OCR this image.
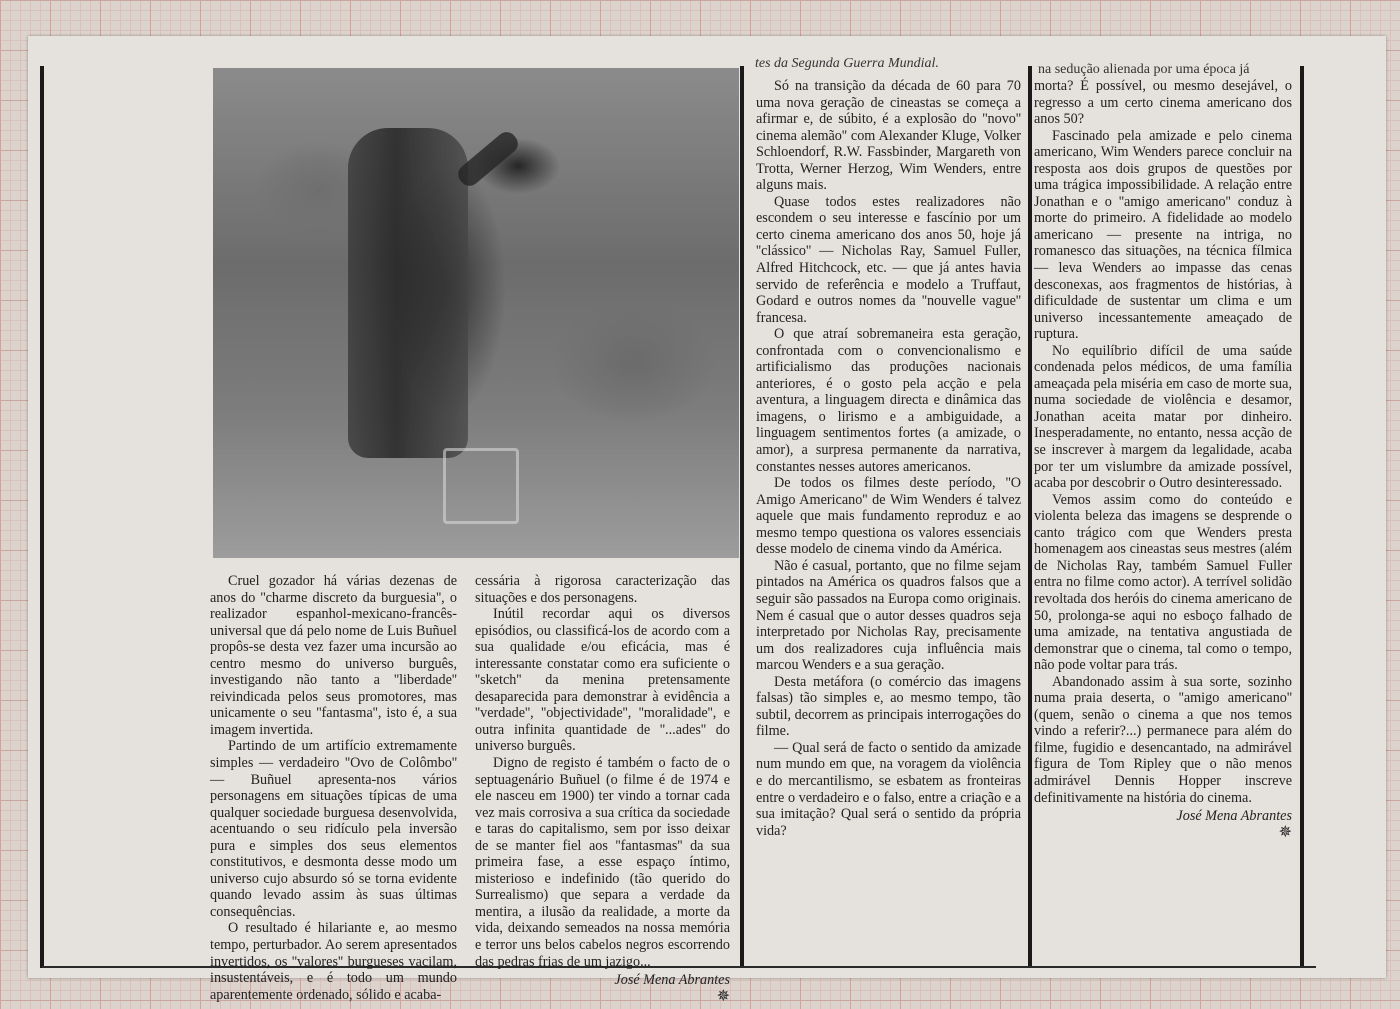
tes da Segunda Guerra Mundial.	na sedução alienada por uma época já

Cruel gozador há várias dezenas de anos do ''charme discreto da burguesia'', o realizador espanhol-mexicano-francês-universal que dá pelo nome de Luis Buñuel propôs-se desta vez fazer uma incursão ao centro mesmo do universo burguês, investigando não tanto a ''liberdade'' reivindicada pelos seus promotores, mas unicamente o seu ''fantasma'', isto é, a sua imagem invertida.

Partindo de um artifício extremamente simples — verdadeiro ''Ovo de Colômbo'' — Buñuel apresenta-nos vários personagens em situações típicas de uma qualquer sociedade burguesa desenvolvida, acentuando o seu ridículo pela inversão pura e simples dos seus elementos constitutivos, e desmonta desse modo um universo cujo absurdo só se torna evidente quando levado assim às suas últimas consequências.

O resultado é hilariante e, ao mesmo tempo, perturbador. Ao serem apresentados invertidos, os ''valores'' burgueses vacilam, insustentáveis, e é todo um mundo aparentemente ordenado, sólido e acaba-

cessária à rigorosa caracterização das situações e dos personagens.

Inútil recordar aqui os diversos episódios, ou classificá-los de acordo com a sua qualidade e/ou eficácia, mas é interessante constatar como era suficiente o ''sketch'' da menina pretensamente desaparecida para demonstrar à evidência a ''verdade'', ''objectividade'', ''moralidade'', e outra infinita quantidade de ''...ades'' do universo burguês.

Digno de registo é também o facto de o septuagenário Buñuel (o filme é de 1974 e ele nasceu em 1900) ter vindo a tornar cada vez mais corrosiva a sua crítica da sociedade e taras do capitalismo, sem por isso deixar de se manter fiel aos ''fantasmas'' da sua primeira fase, a esse espaço íntimo, misterioso e indefinido (tão querido do Surrealismo) que separa a verdade da mentira, a ilusão da realidade, a morte da vida, deixando semeados na nossa memória e terror uns belos cabelos negros escorrendo das pedras frias de um jazigo...

José Mena Abrantes

✵

Só na transição da década de 60 para 70 uma nova geração de cineastas se começa a afirmar e, de súbito, é a explosão do ''novo'' cinema alemão'' com Alexander Kluge, Volker Schloendorf, R.W. Fassbinder, Margareth von Trotta, Werner Herzog, Wim Wenders, entre alguns mais.

Quase todos estes realizadores não escondem o seu interesse e fascínio por um certo cinema americano dos anos 50, hoje já ''clássico'' — Nicholas Ray, Samuel Fuller, Alfred Hitchcock, etc. — que já antes havia servido de referência e modelo a Truffaut, Godard e outros nomes da ''nouvelle vague'' francesa.

O que atraí sobremaneira esta geração, confrontada com o convencionalismo e artificialismo das produções nacionais anteriores, é o gosto pela acção e pela aventura, a linguagem directa e dinâmica das imagens, o lirismo e a ambiguidade, a linguagem sentimentos fortes (a amizade, o amor), a surpresa permanente da narrativa, constantes nesses autores americanos.

De todos os filmes deste período, ''O Amigo Americano'' de Wim Wenders é talvez aquele que mais fundamento reproduz e ao mesmo tempo questiona os valores essenciais desse modelo de cinema vindo da América.

Não é casual, portanto, que no filme sejam pintados na América os quadros falsos que a seguir são passados na Europa como originais. Nem é casual que o autor desses quadros seja interpretado por Nicholas Ray, precisamente um dos realizadores cuja influência mais marcou Wenders e a sua geração.

Desta metáfora (o comércio das imagens falsas) tão simples e, ao mesmo tempo, tão subtil, decorrem as principais interrogações do filme.

— Qual será de facto o sentido da amizade num mundo em que, na voragem da violência e do mercantilismo, se esbatem as fronteiras entre o verdadeiro e o falso, entre a criação e a sua imitação? Qual será o sentido da própria vida?

morta? É possível, ou mesmo desejável, o regresso a um certo cinema americano dos anos 50?

Fascinado pela amizade e pelo cinema americano, Wim Wenders parece concluir na resposta aos dois grupos de questões por uma trágica impossibilidade. A relação entre Jonathan e o ''amigo americano'' conduz à morte do primeiro. A fidelidade ao modelo americano — presente na intriga, no romanesco das situações, na técnica fílmica — leva Wenders ao impasse das cenas desconexas, aos fragmentos de histórias, à dificuldade de sustentar um clima e um universo incessantemente ameaçado de ruptura.

No equilíbrio difícil de uma saúde condenada pelos médicos, de uma família ameaçada pela miséria em caso de morte sua, numa sociedade de violência e desamor, Jonathan aceita matar por dinheiro. Inesperadamente, no entanto, nessa acção de se inscrever à margem da legalidade, acaba por ter um vislumbre da amizade possível, acaba por descobrir o Outro desinteressado.

Vemos assim como do conteúdo e violenta beleza das imagens se desprende o canto trágico com que Wenders presta homenagem aos cineastas seus mestres (além de Nicholas Ray, também Samuel Fuller entra no filme como actor). A terrível solidão revoltada dos heróis do cinema americano de 50, prolonga-se aqui no esboço falhado de uma amizade, na tentativa angustiada de demonstrar que o cinema, tal como o tempo, não pode voltar para trás.

Abandonado assim à sua sorte, sozinho numa praia deserta, o ''amigo americano'' (quem, senão o cinema a que nos temos vindo a referir?...) permanece para além do filme, fugidio e desencantado, na admirável figura de Tom Ripley que o não menos admirável Dennis Hopper inscreve definitivamente na história do cinema.

José Mena Abrantes

✵
